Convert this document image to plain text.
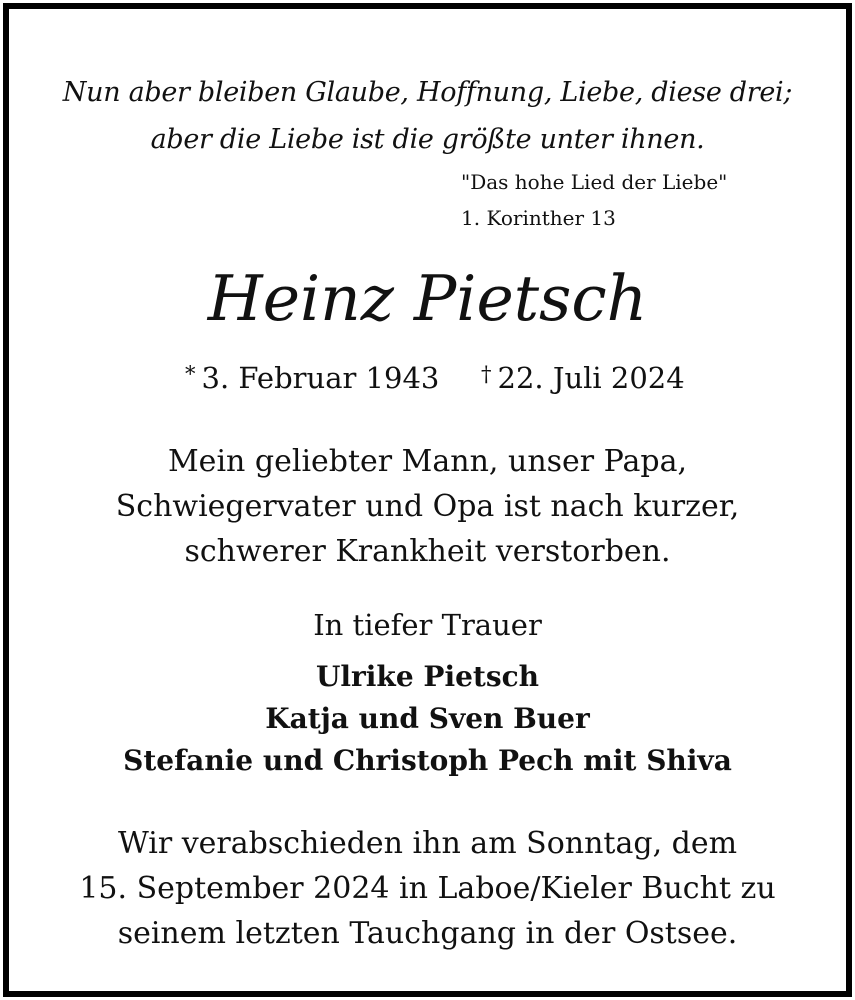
Nun aber bleiben Glaube, Hoffnung, Liebe, diese drei;
aber die Liebe ist die größte unter ihnen.
"Das hohe Lied der Liebe"
1. Korinther 13
Heinz Pietsch
* 3. Februar 1943 † 22. Juli 2024
Mein geliebter Mann, unser Papa,
Schwiegervater und Opa ist nach kurzer,
schwerer Krankheit verstorben.
In tiefer Trauer
Ulrike Pietsch
Katja und Sven Buer
Stefanie und Christoph Pech mit Shiva
Wir verabschieden ihn am Sonntag, dem
15. September 2024 in Laboe/Kieler Bucht zu
seinem letzten Tauchgang in der Ostsee.
